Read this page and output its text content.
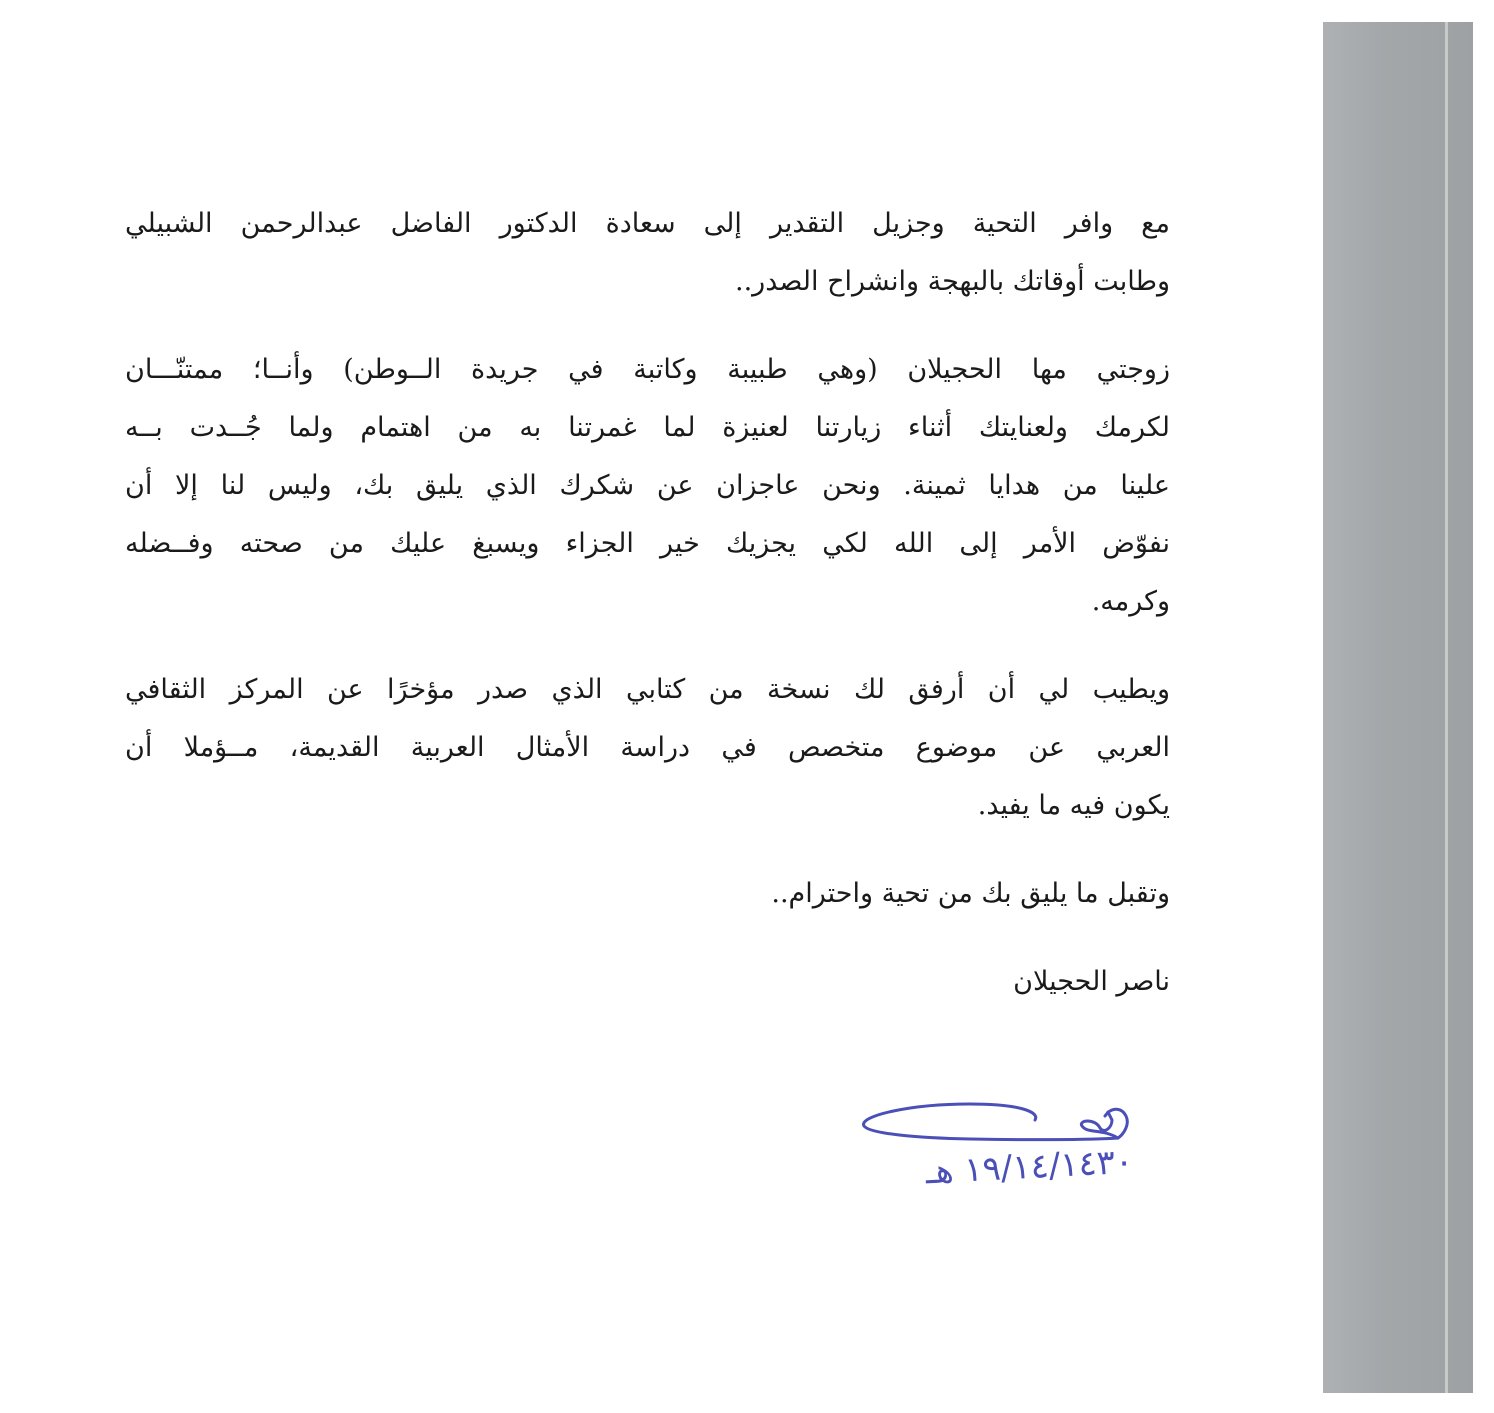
مع وافر التحية وجزيل التقدير إلى سعادة الدكتور الفاضل عبدالرحمن الشبيلي

وطابت أوقاتك بالبهجة وانشراح الصدر..

زوجتي مها الحجيلان (وهي طبيبة وكاتبة في جريدة الــوطن) وأنــا؛ ممتنّـــان

لكرمك ولعنايتك أثناء زيارتنا لعنيزة لما غمرتنا به من اهتمام ولما جُــدت بــه

علينا من هدايا ثمينة. ونحن عاجزان عن شكرك الذي يليق بك، وليس لنا إلا أن

نفوّض الأمر إلى الله لكي يجزيك خير الجزاء ويسبغ عليك من صحته وفــضله

وكرمه.

ويطيب لي أن أرفق لك نسخة من كتابي الذي صدر مؤخرًا عن المركز الثقافي

العربي عن موضوع متخصص في دراسة الأمثال العربية القديمة، مــؤملا أن

يكون فيه ما يفيد.

وتقبل ما يليق بك من تحية واحترام..

ناصر الحجيلان

١٩/١٤/١٤٣٠ هـ
